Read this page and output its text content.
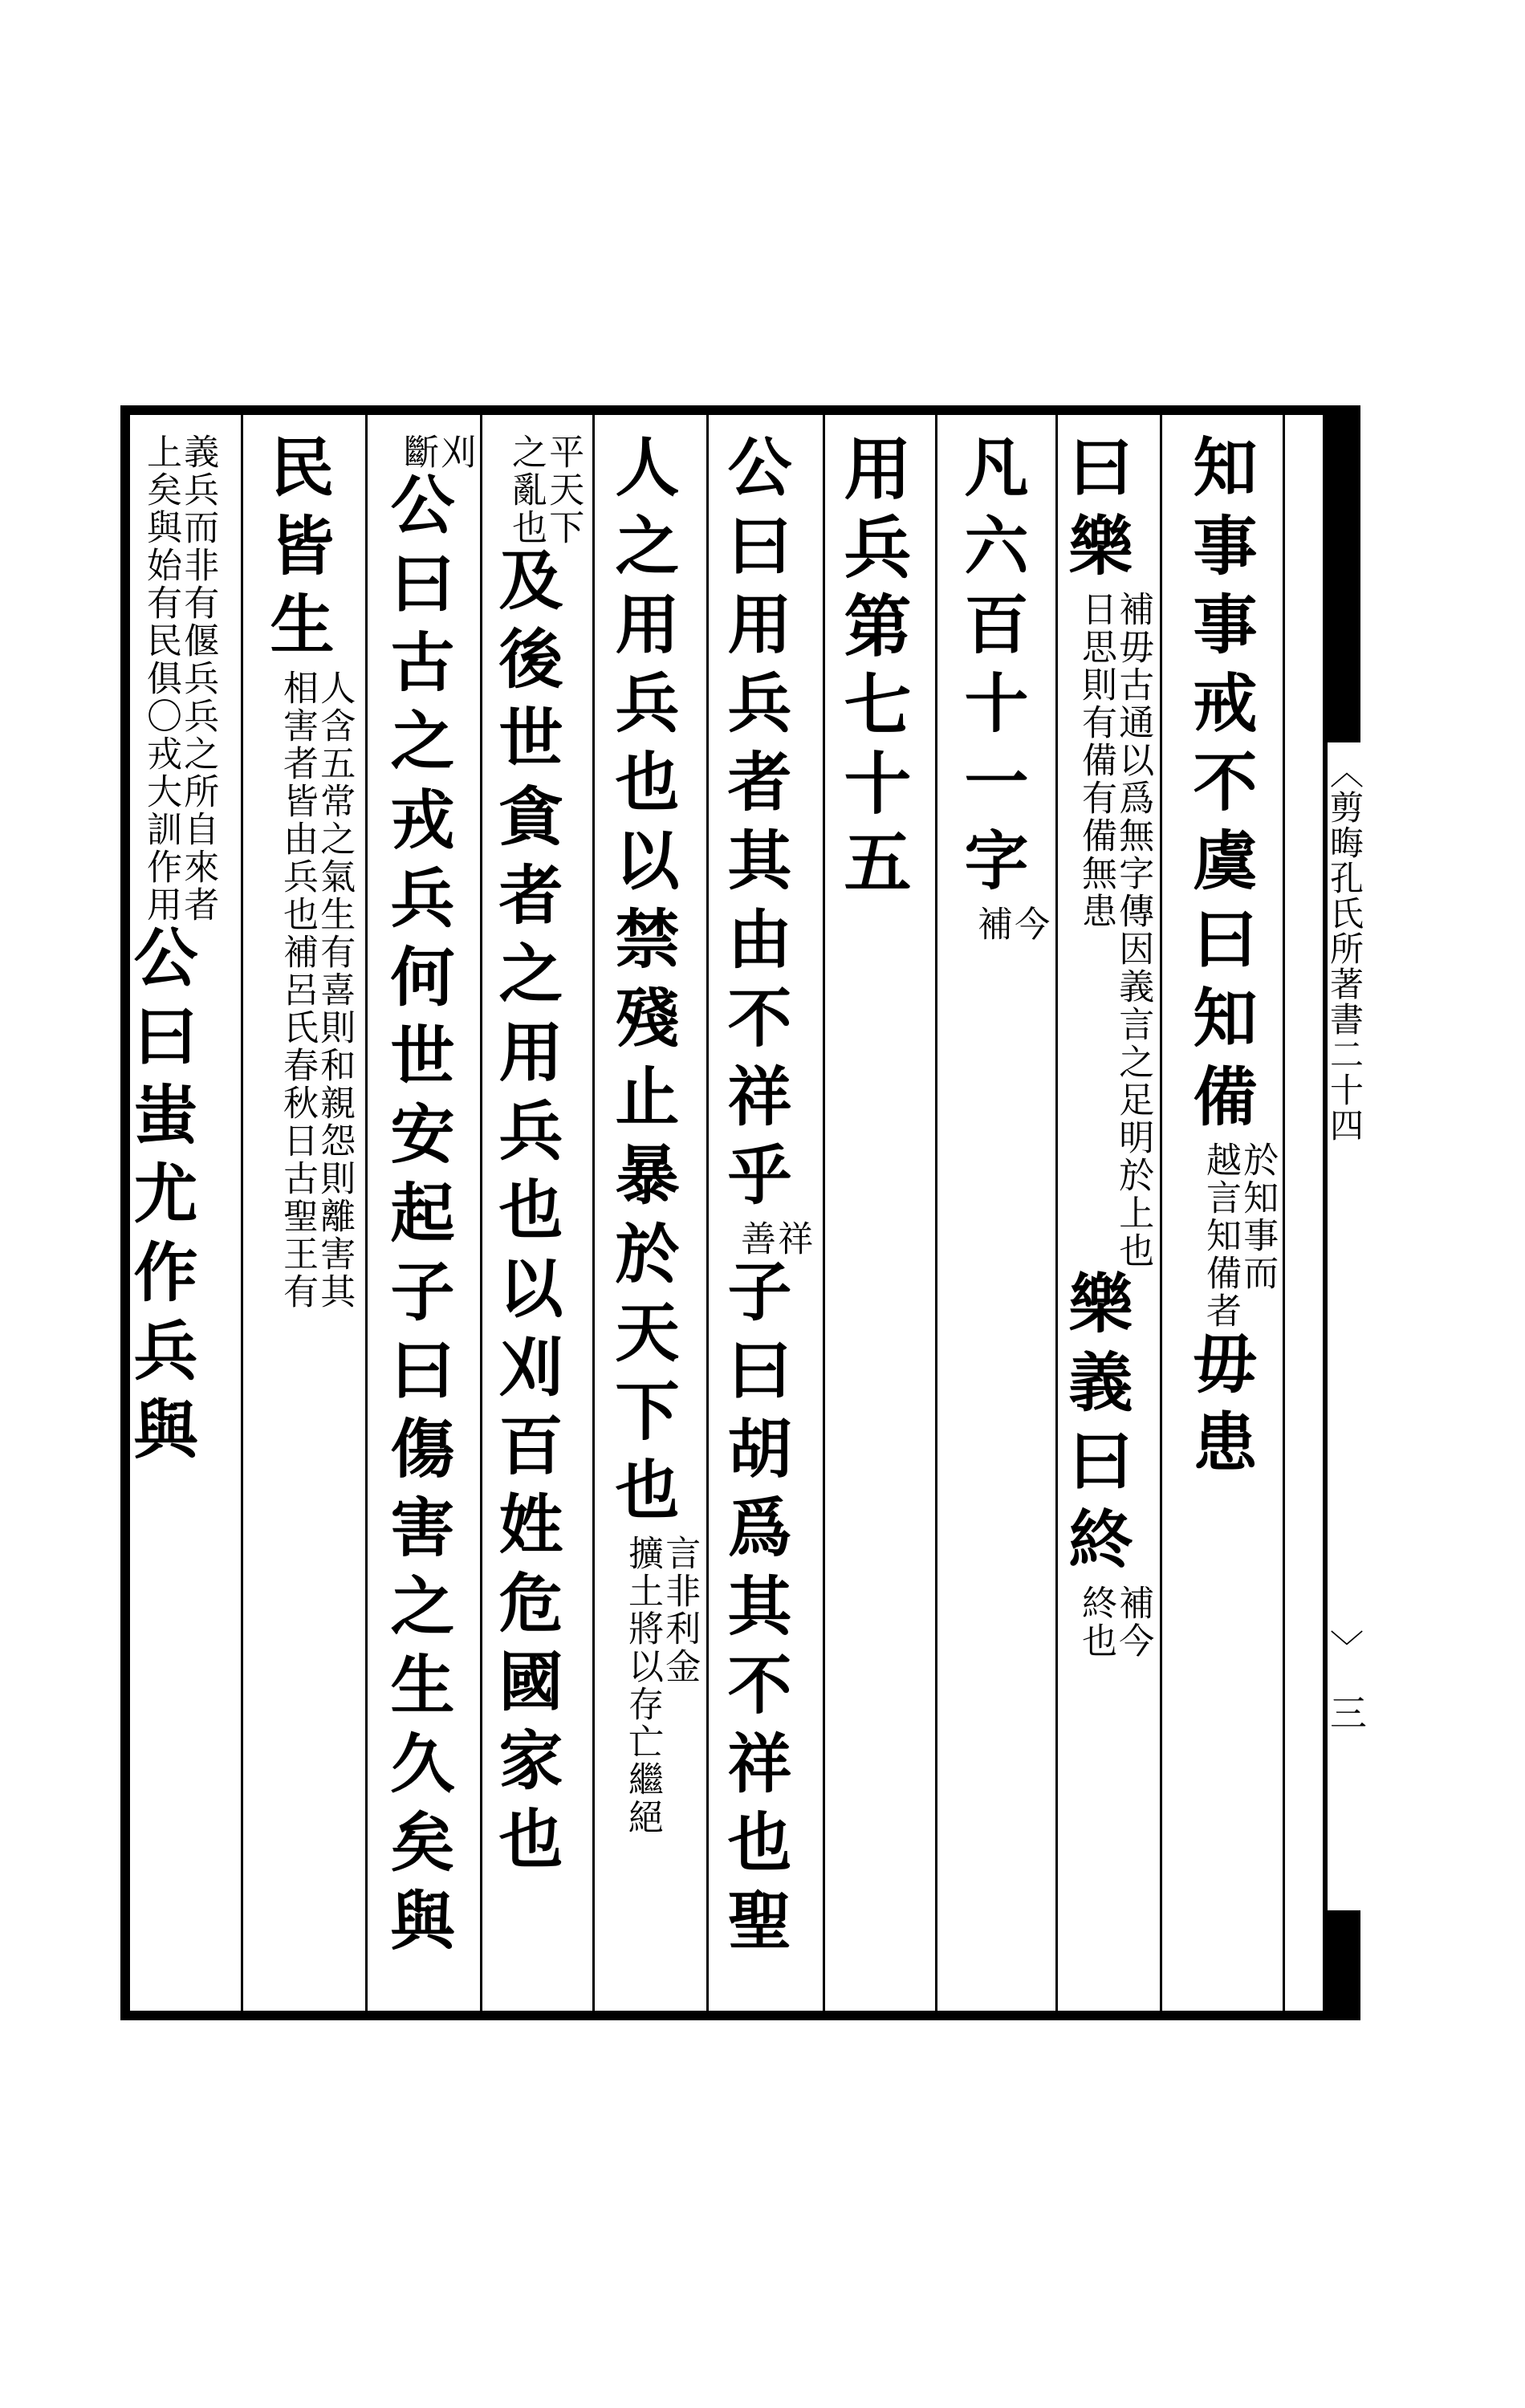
〈剪晦孔氏所著書二十四
〉
三
知事事戒不虞曰知備
於知事而
越言知備者
毋患
曰樂
補毋古通以爲無字傳因義言之足明於上也
日思則有備有備無患
樂義曰終
補今
終也
凡六百十一字
今
補
用兵第七十五
公曰用兵者其由不祥乎
祥
善
子曰胡爲其不祥也聖
人之用兵也以禁殘止暴於天下也
言非利金
擴土將以存亡繼絕
平天下
之亂也
及後世貪者之用兵也以刈百姓危國家也
刈
斷
公曰古之戎兵何世安起子曰傷害之生久矣與
民皆生
人含五常之氣生有喜則和親怨則離害其
相害者皆由兵也補呂氏春秋日古聖王有
義兵而非有偃兵兵之所自來者
上矣與始有民俱〇戎大訓作用
公曰蚩尤作兵與
